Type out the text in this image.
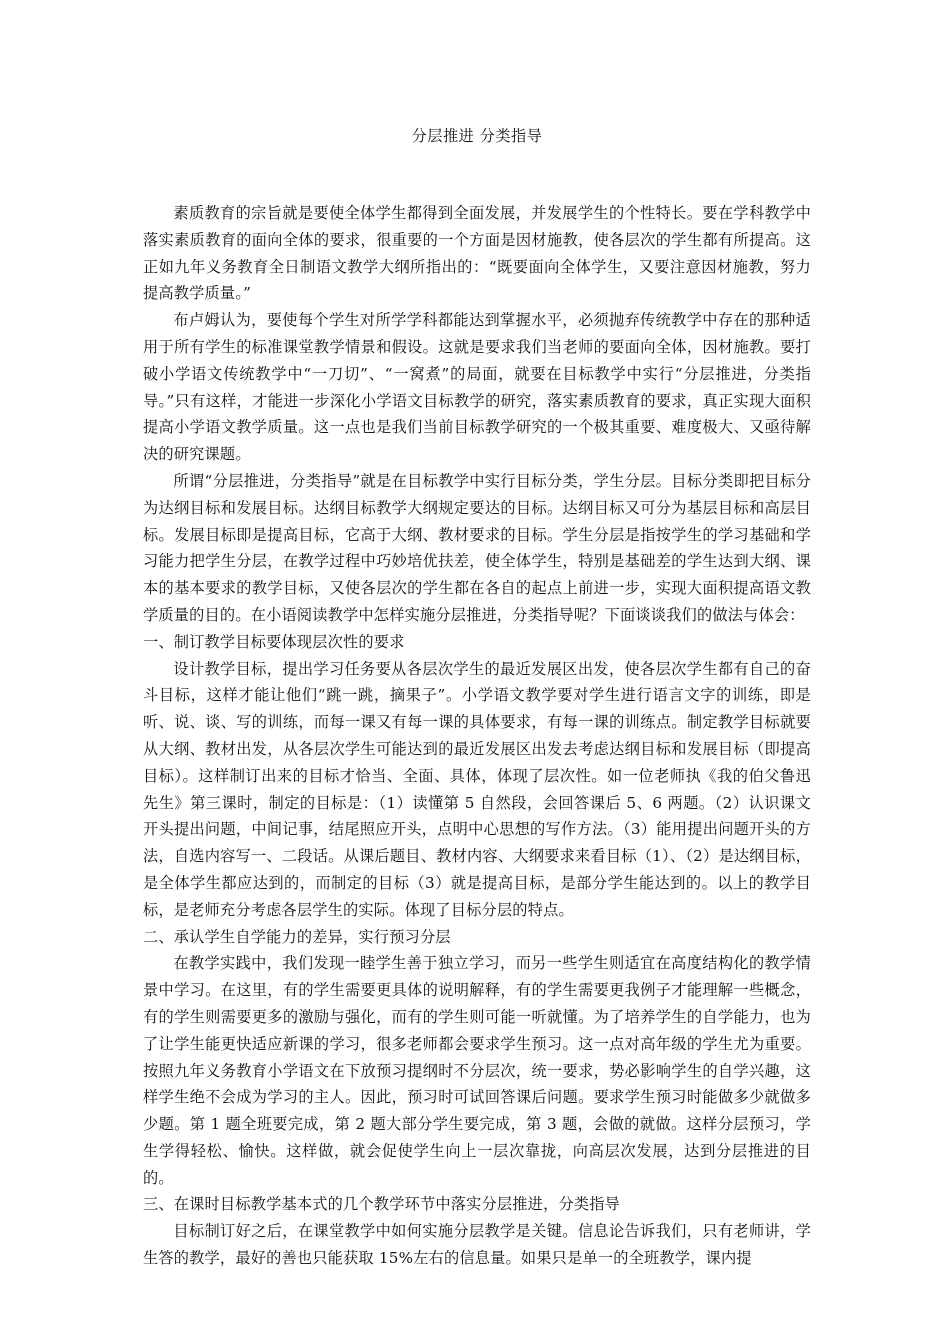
分层推进 分类指导

素质教育的宗旨就是要使全体学生都得到全面发展，并发展学生的个性特长。要在学科教学中落实素质教育的面向全体的要求，很重要的一个方面是因材施教，使各层次的学生都有所提高。这正如九年义务教育全日制语文教学大纲所指出的：“既要面向全体学生，又要注意因材施教，努力提高教学质量。”

布卢姆认为，要使每个学生对所学学科都能达到掌握水平，必须抛弃传统教学中存在的那种适用于所有学生的标准课堂教学情景和假设。这就是要求我们当老师的要面向全体，因材施教。要打破小学语文传统教学中“一刀切”、“一窝煮”的局面，就要在目标教学中实行“分层推进，分类指导。”只有这样，才能进一步深化小学语文目标教学的研究，落实素质教育的要求，真正实现大面积提高小学语文教学质量。这一点也是我们当前目标教学研究的一个极其重要、难度极大、又亟待解决的研究课题。

所谓“分层推进，分类指导”就是在目标教学中实行目标分类，学生分层。目标分类即把目标分为达纲目标和发展目标。达纲目标教学大纲规定要达的目标。达纲目标又可分为基层目标和高层目标。发展目标即是提高目标，它高于大纲、教材要求的目标。学生分层是指按学生的学习基础和学习能力把学生分层，在教学过程中巧妙培优扶差，使全体学生，特别是基础差的学生达到大纲、课本的基本要求的教学目标，又使各层次的学生都在各自的起点上前进一步，实现大面积提高语文教学质量的目的。在小语阅读教学中怎样实施分层推进，分类指导呢？下面谈谈我们的做法与体会：

一、制订教学目标要体现层次性的要求

设计教学目标，提出学习任务要从各层次学生的最近发展区出发，使各层次学生都有自己的奋斗目标，这样才能让他们“跳一跳，摘果子”。小学语文教学要对学生进行语言文字的训练，即是听、说、谈、写的训练，而每一课又有每一课的具体要求，有每一课的训练点。制定教学目标就要从大纲、教材出发，从各层次学生可能达到的最近发展区出发去考虑达纲目标和发展目标（即提高目标）。这样制订出来的目标才恰当、全面、具体，体现了层次性。如一位老师执《我的伯父鲁迅先生》第三课时，制定的目标是：（1）读懂第 5 自然段，会回答课后 5、6 两题。（2）认识课文开头提出问题，中间记事，结尾照应开头，点明中心思想的写作方法。（3）能用提出问题开头的方法，自选内容写一、二段话。从课后题目、教材内容、大纲要求来看目标（1）、（2）是达纲目标，是全体学生都应达到的，而制定的目标（3）就是提高目标，是部分学生能达到的。以上的教学目标，是老师充分考虑各层学生的实际。体现了目标分层的特点。

二、承认学生自学能力的差异，实行预习分层

在教学实践中，我们发现一睦学生善于独立学习，而另一些学生则适宜在高度结构化的教学情景中学习。在这里，有的学生需要更具体的说明解释，有的学生需要更我例子才能理解一些概念，有的学生则需要更多的激励与强化，而有的学生则可能一听就懂。为了培养学生的自学能力，也为了让学生能更快适应新课的学习，很多老师都会要求学生预习。这一点对高年级的学生尤为重要。按照九年义务教育小学语文在下放预习提纲时不分层次，统一要求，势必影响学生的自学兴趣，这样学生绝不会成为学习的主人。因此，预习时可试回答课后问题。要求学生预习时能做多少就做多少题。第 1 题全班要完成，第 2 题大部分学生要完成，第 3 题，会做的就做。这样分层预习，学生学得轻松、愉快。这样做，就会促使学生向上一层次靠拢，向高层次发展，达到分层推进的目的。

三、在课时目标教学基本式的几个教学环节中落实分层推进，分类指导

目标制订好之后，在课堂教学中如何实施分层教学是关键。信息论告诉我们，只有老师讲，学生答的教学，最好的善也只能获取 15%左右的信息量。如果只是单一的全班教学，课内提
